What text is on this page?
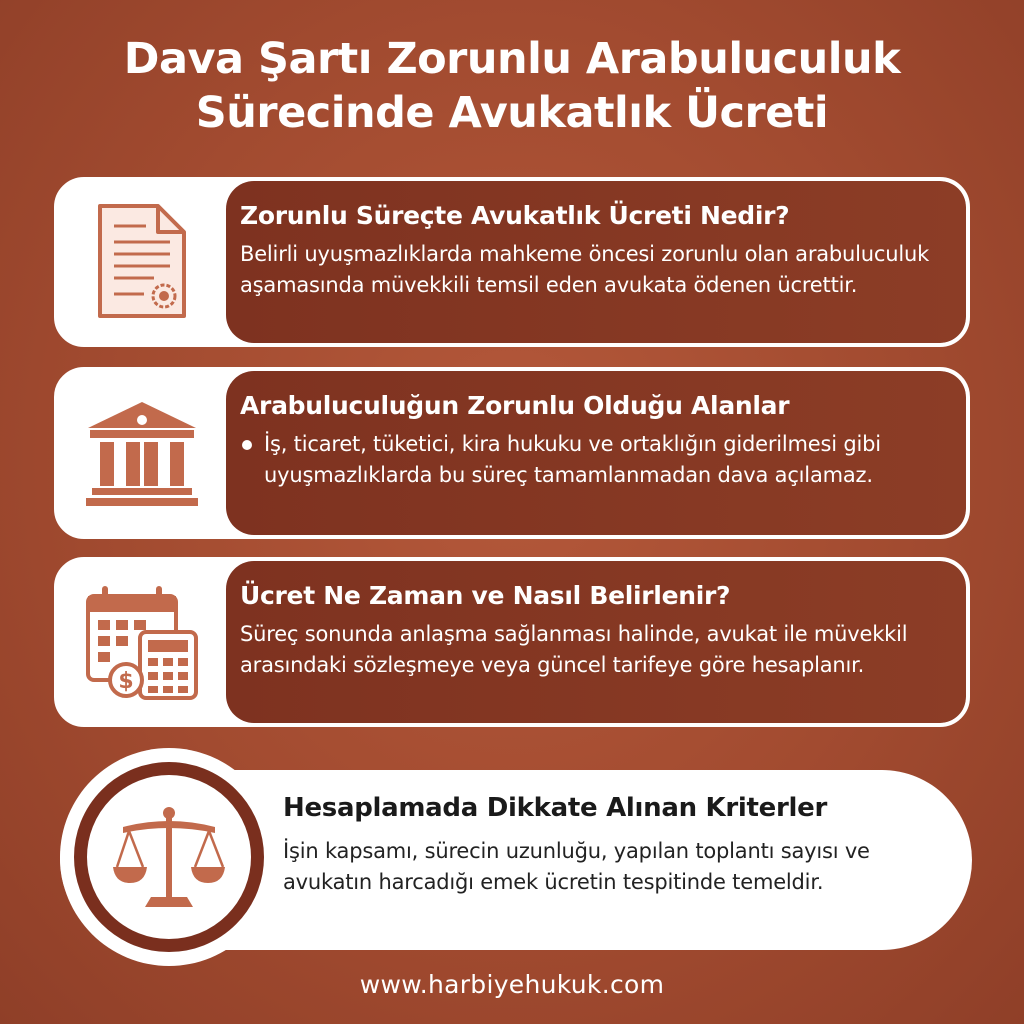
Dava Şartı Zorunlu Arabuluculuk
Sürecinde Avukatlık Ücreti
Zorunlu Süreçte Avukatlık Ücreti Nedir?

Belirli uyuşmazlıklarda mahkeme öncesi zorunlu olan arabuluculuk aşamasında müvekkili temsil eden avukata ödenen ücrettir.

Arabuluculuğun Zorunlu Olduğu Alanlar

İş, ticaret, tüketici, kira hukuku ve ortaklığın giderilmesi gibi uyuşmazlıklarda bu süreç tamamlanmadan dava açılamaz.

$
Ücret Ne Zaman ve Nasıl Belirlenir?

Süreç sonunda anlaşma sağlanması halinde, avukat ile müvekkil arasındaki sözleşmeye veya güncel tarifeye göre hesaplanır.

Hesaplamada Dikkate Alınan Kriterler

İşin kapsamı, sürecin uzunluğu, yapılan toplantı sayısı ve avukatın harcadığı emek ücretin tespitinde temeldir.

www.harbiyehukuk.com
